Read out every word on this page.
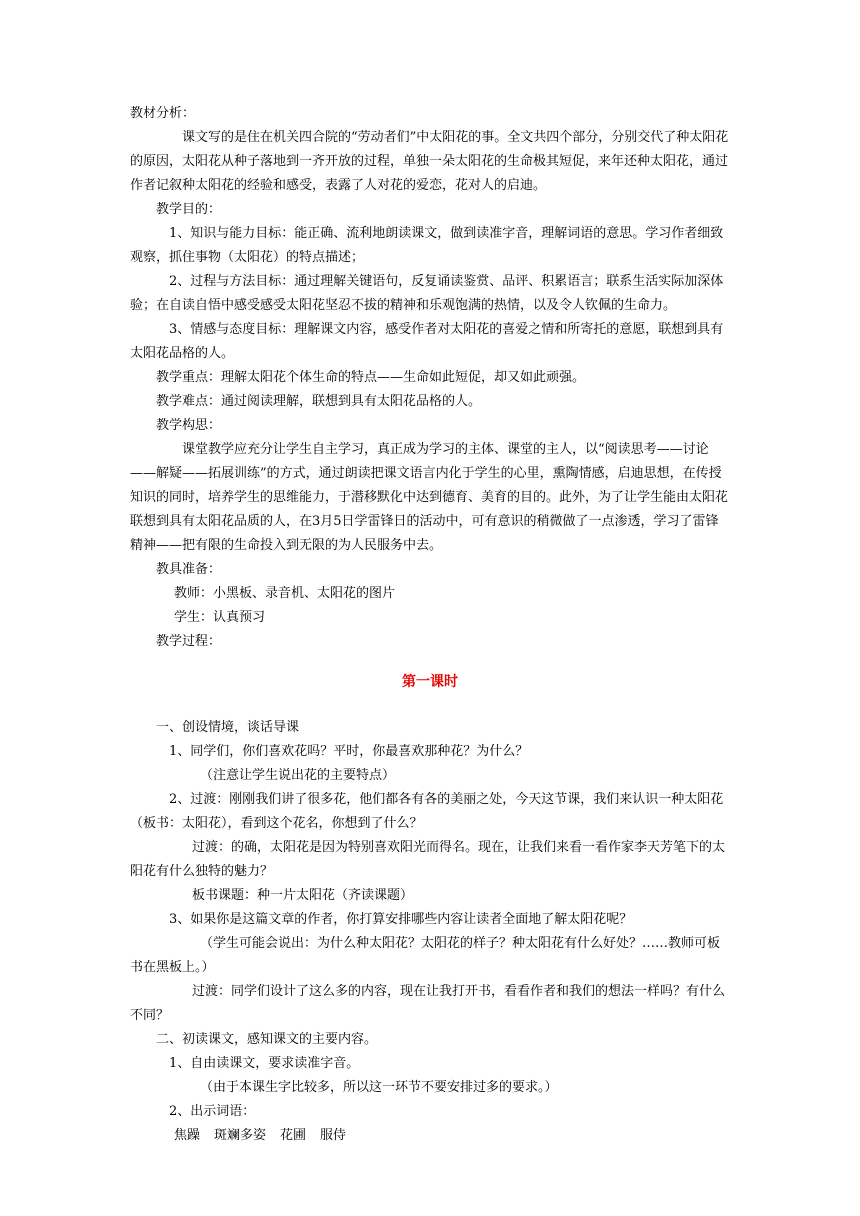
教材分析：

课文写的是住在机关四合院的“劳动者们”中太阳花的事。全文共四个部分，分别交代了种太阳花的原因，太阳花从种子落地到一齐开放的过程，单独一朵太阳花的生命极其短促，来年还种太阳花，通过作者记叙种太阳花的经验和感受，表露了人对花的爱恋，花对人的启迪。

教学目的：

1、知识与能力目标：能正确、流利地朗读课文，做到读准字音，理解词语的意思。学习作者细致观察，抓住事物（太阳花）的特点描述；

2、过程与方法目标：通过理解关键语句，反复诵读鉴赏、品评、积累语言；联系生活实际加深体验；在自读自悟中感受感受太阳花坚忍不拔的精神和乐观饱满的热情，以及令人钦佩的生命力。

3、情感与态度目标：理解课文内容，感受作者对太阳花的喜爱之情和所寄托的意愿，联想到具有太阳花品格的人。

教学重点：理解太阳花个体生命的特点——生命如此短促，却又如此顽强。

教学难点：通过阅读理解，联想到具有太阳花品格的人。

教学构思：

课堂教学应充分让学生自主学习，真正成为学习的主体、课堂的主人，以“阅读思考——讨论——解疑——拓展训练”的方式，通过朗读把课文语言内化于学生的心里，熏陶情感，启迪思想，在传授知识的同时，培养学生的思维能力，于潜移默化中达到德育、美育的目的。此外，为了让学生能由太阳花联想到具有太阳花品质的人，在3月5日学雷锋日的活动中，可有意识的稍微做了一点渗透，学习了雷锋精神——把有限的生命投入到无限的为人民服务中去。

教具准备：

教师：小黑板、录音机、太阳花的图片

学生：认真预习

教学过程：

第一课时

一、创设情境，谈话导课

1、同学们，你们喜欢花吗？平时，你最喜欢那种花？为什么？

（注意让学生说出花的主要特点）

2、过渡：刚刚我们讲了很多花，他们都各有各的美丽之处，今天这节课，我们来认识一种太阳花（板书：太阳花），看到这个花名，你想到了什么？

过渡：的确，太阳花是因为特别喜欢阳光而得名。现在，让我们来看一看作家李天芳笔下的太阳花有什么独特的魅力？

板书课题：种一片太阳花（齐读课题）

3、如果你是这篇文章的作者，你打算安排哪些内容让读者全面地了解太阳花呢？

（学生可能会说出：为什么种太阳花？太阳花的样子？种太阳花有什么好处？……教师可板书在黑板上。）

过渡：同学们设计了这么多的内容，现在让我打开书，看看作者和我们的想法一样吗？有什么不同？

二、初读课文，感知课文的主要内容。

1、自由读课文，要求读准字音。

（由于本课生字比较多，所以这一环节不要安排过多的要求。）

2、出示词语：

焦躁 斑斓多姿 花圃 服侍
